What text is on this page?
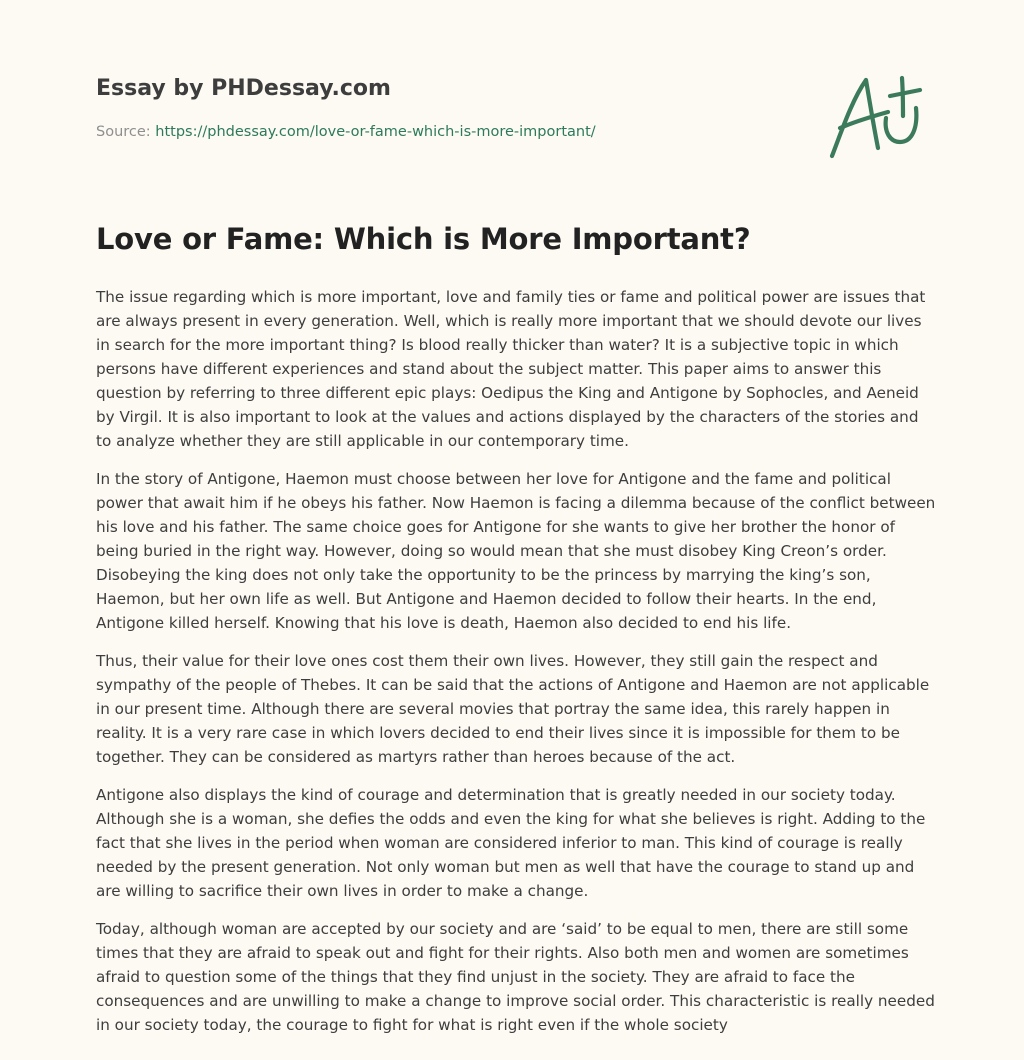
Essay by PHDessay.com
Source: https://phdessay.com/love-or-fame-which-is-more-important/
Love or Fame: Which is More Important?

The issue regarding which is more important, love and family ties or fame and political power are issues that are always present in every generation. Well, which is really more important that we should devote our lives in search for the more important thing? Is blood really thicker than water? It is a subjective topic in which persons have different experiences and stand about the subject matter. This paper aims to answer this question by referring to three different epic plays: Oedipus the King and Antigone by Sophocles, and Aeneid by Virgil. It is also important to look at the values and actions displayed by the characters of the stories and to analyze whether they are still applicable in our contemporary time.

In the story of Antigone, Haemon must choose between her love for Antigone and the fame and political power that await him if he obeys his father. Now Haemon is facing a dilemma because of the conflict between his love and his father. The same choice goes for Antigone for she wants to give her brother the honor of being buried in the right way. However, doing so would mean that she must disobey King Creon’s order. Disobeying the king does not only take the opportunity to be the princess by marrying the king’s son, Haemon, but her own life as well. But Antigone and Haemon decided to follow their hearts. In the end, Antigone killed herself. Knowing that his love is death, Haemon also decided to end his life.

Thus, their value for their love ones cost them their own lives. However, they still gain the respect and sympathy of the people of Thebes. It can be said that the actions of Antigone and Haemon are not applicable in our present time. Although there are several movies that portray the same idea, this rarely happen in reality. It is a very rare case in which lovers decided to end their lives since it is impossible for them to be together. They can be considered as martyrs rather than heroes because of the act.

Antigone also displays the kind of courage and determination that is greatly needed in our society today. Although she is a woman, she defies the odds and even the king for what she believes is right. Adding to the fact that she lives in the period when woman are considered inferior to man. This kind of courage is really needed by the present generation. Not only woman but men as well that have the courage to stand up and are willing to sacrifice their own lives in order to make a change.

Today, although woman are accepted by our society and are ‘said’ to be equal to men, there are still some times that they are afraid to speak out and fight for their rights. Also both men and women are sometimes afraid to question some of the things that they find unjust in the society. They are afraid to face the consequences and are unwilling to make a change to improve social order. This characteristic is really needed in our society today, the courage to fight for what is right even if the whole society
